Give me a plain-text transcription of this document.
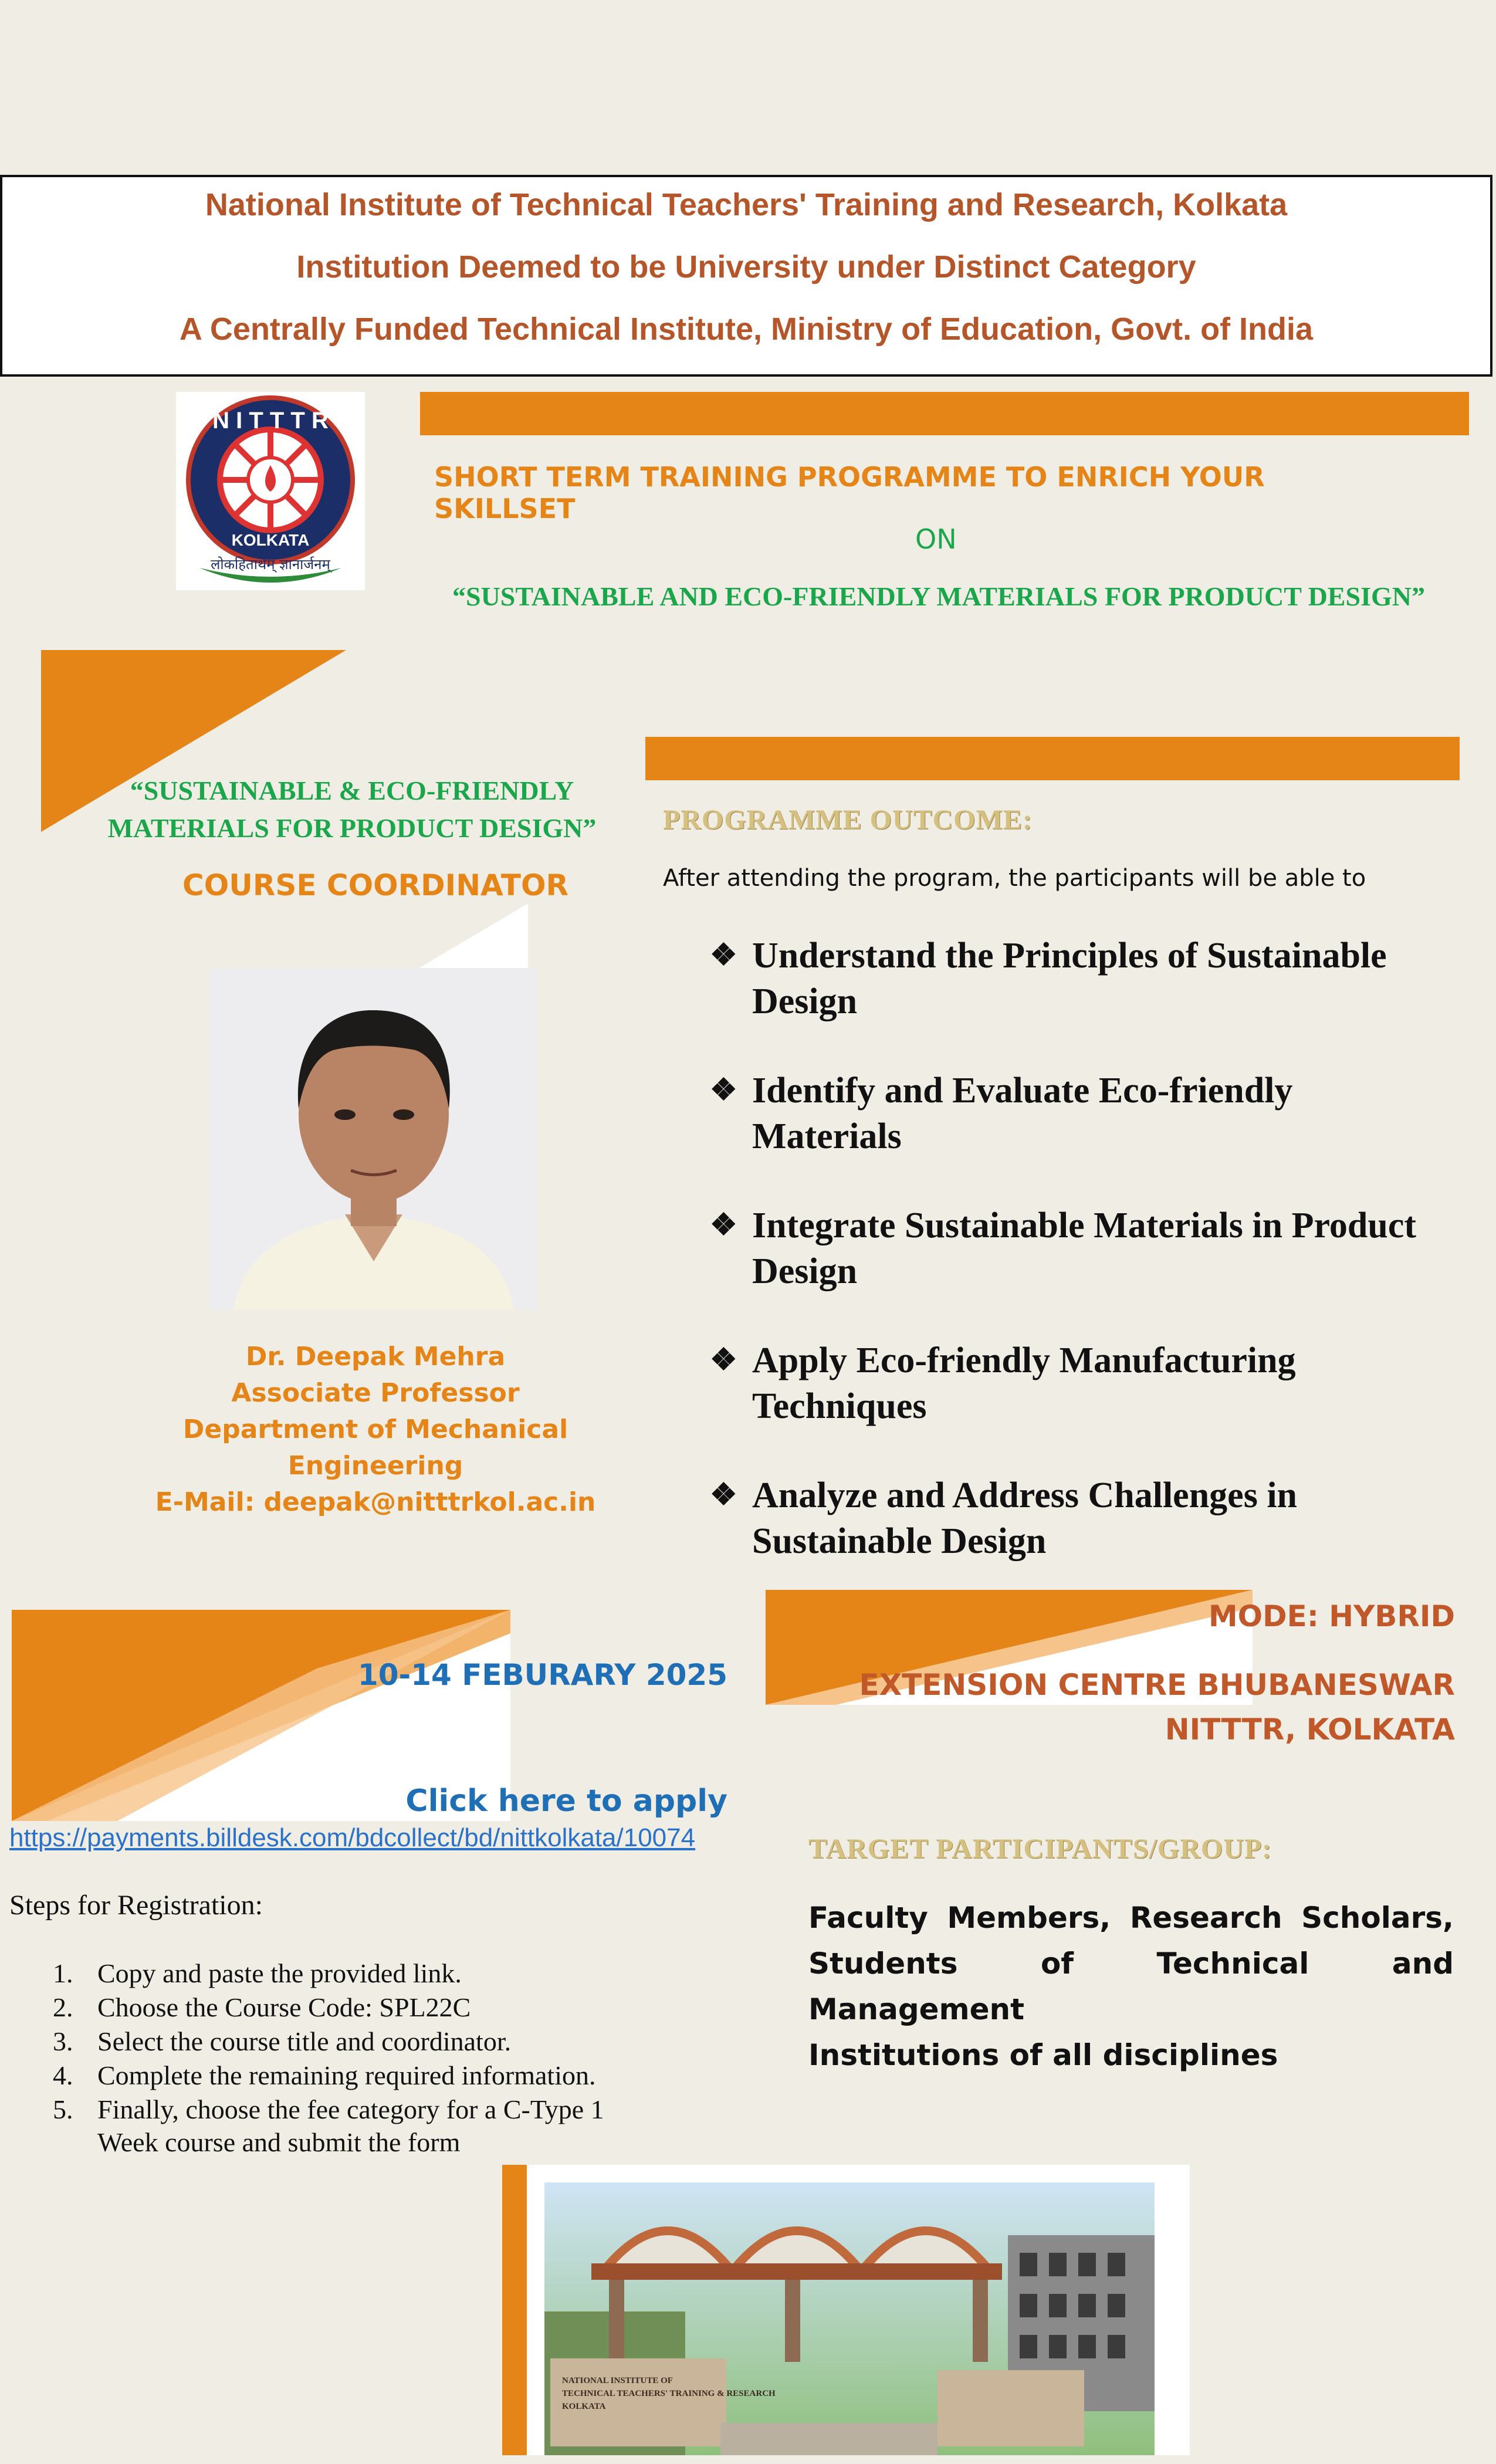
National Institute of Technical Teachers' Training and Research, Kolkata
Institution Deemed to be University under Distinct Category
A Centrally Funded Technical Institute, Ministry of Education, Govt. of India
N I T T T R
KOLKATA
लोकहितार्थम् ज्ञानार्जनम्
SHORT TERM TRAINING PROGRAMME TO ENRICH YOUR SKILLSET
ON
“SUSTAINABLE AND ECO-FRIENDLY MATERIALS FOR PRODUCT DESIGN”
“SUSTAINABLE & ECO-FRIENDLY
MATERIALS FOR PRODUCT DESIGN”
COURSE COORDINATOR
Dr. Deepak Mehra
Associate Professor
Department of Mechanical Engineering
E-Mail: deepak@nitttrkol.ac.in
PROGRAMME OUTCOME:
After attending the program, the participants will be able to
❖ Understand the Principles of Sustainable
Design
❖ Identify and Evaluate Eco-friendly
Materials
❖ Integrate Sustainable Materials in Product
Design
❖ Apply Eco-friendly Manufacturing
Techniques
❖ Analyze and Address Challenges in
Sustainable Design
10-14 FEBURARY 2025
Click here to apply
https://payments.billdesk.com/bdcollect/bd/nittkolkata/10074
Steps for Registration:
1. Copy and paste the provided link.
2. Choose the Course Code: SPL22C
3. Select the course title and coordinator.
4. Complete the remaining required information.
5. Finally, choose the fee category for a C-Type 1
Week course and submit the form
MODE: HYBRID
EXTENSION CENTRE BHUBANESWAR
NITTTR, KOLKATA
TARGET PARTICIPANTS/GROUP:
Faculty Members, Research Scholars,
Students of Technical and Management
Institutions of all disciplines
NATIONAL INSTITUTE OF
TECHNICAL TEACHERS' TRAINING & RESEARCH
KOLKATA
